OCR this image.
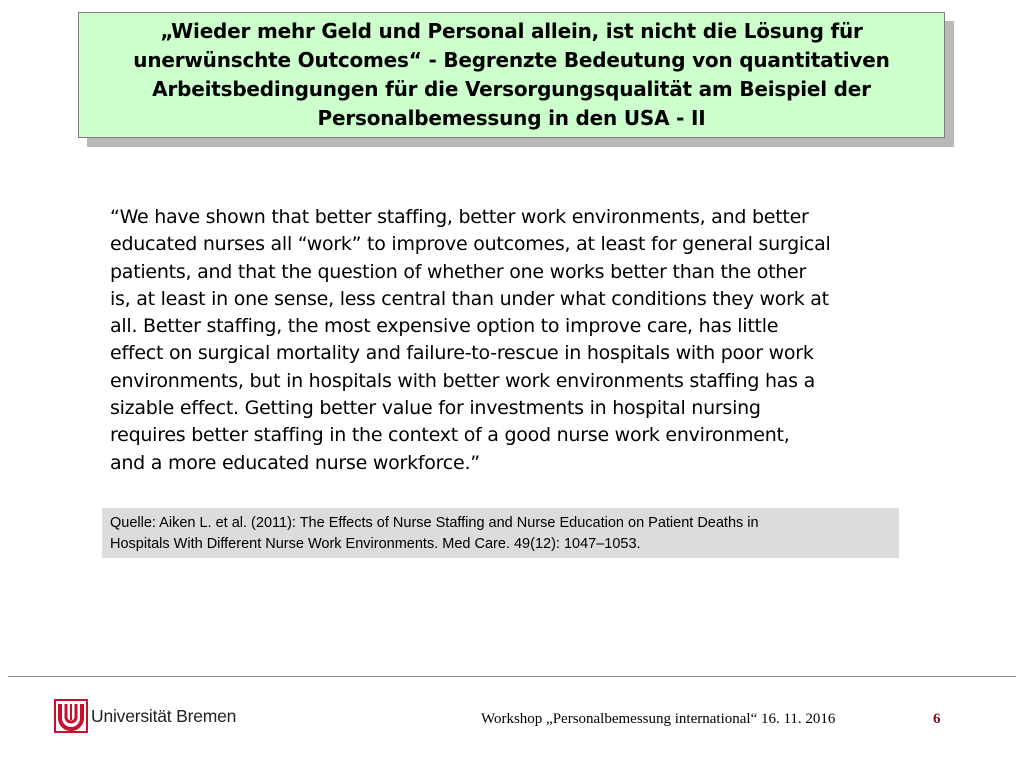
„Wieder mehr Geld und Personal allein, ist nicht die Lösung für
unerwünschte Outcomes“ - Begrenzte Bedeutung von quantitativen
Arbeitsbedingungen für die Versorgungsqualität am Beispiel der
Personalbemessung in den USA - II
“We have shown that better staffing, better work environments, and better
educated nurses all “work” to improve outcomes, at least for general surgical
patients, and that the question of whether one works better than the other
is, at least in one sense, less central than under what conditions they work at
all. Better staffing, the most expensive option to improve care, has little
effect on surgical mortality and failure-to-rescue in hospitals with poor work
environments, but in hospitals with better work environments staffing has a
sizable effect. Getting better value for investments in hospital nursing
requires better staffing in the context of a good nurse work environment,
and a more educated nurse workforce.”
Quelle: Aiken L. et al. (2011): The Effects of Nurse Staffing and Nurse Education on Patient Deaths in
Hospitals With Different Nurse Work Environments. Med Care. 49(12): 1047–1053.
Universität Bremen	Workshop „Personalbemessung international“ 16. 11. 2016	6
